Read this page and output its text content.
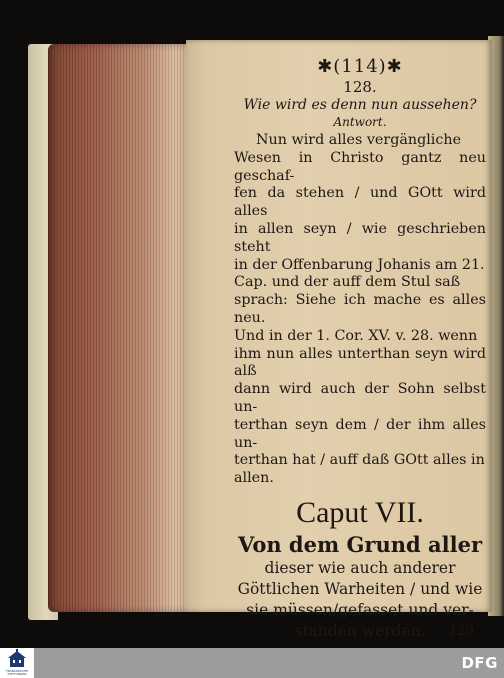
✱(114)✱
128.
Wie wird es denn nun aussehen?
Antwort.

Nun wird alles vergängliche

Wesen in Christo gantz neu geschaf-

fen da stehen / und GOtt wird alles

in allen seyn / wie geschrieben steht

in der Offenbarung Johanis am 21.

Cap. und der auff dem Stul saß

sprach: Siehe ich mache es alles neu.

Und in der 1. Cor. XV. v. 28. wenn

ihm nun alles unterthan seyn wird alß

dann wird auch der Sohn selbst un-

terthan seyn dem / der ihm alles un-

terthan hat / auff daß GOtt alles in

allen.

Caput VII.
Von dem Grund aller
dieser wie auch anderer
Göttlichen Warheiten / und wie
sie müssen/gefasset und ver-
standen werden.	129.
FRANCKESCHE STIFTUNGEN
DFG
